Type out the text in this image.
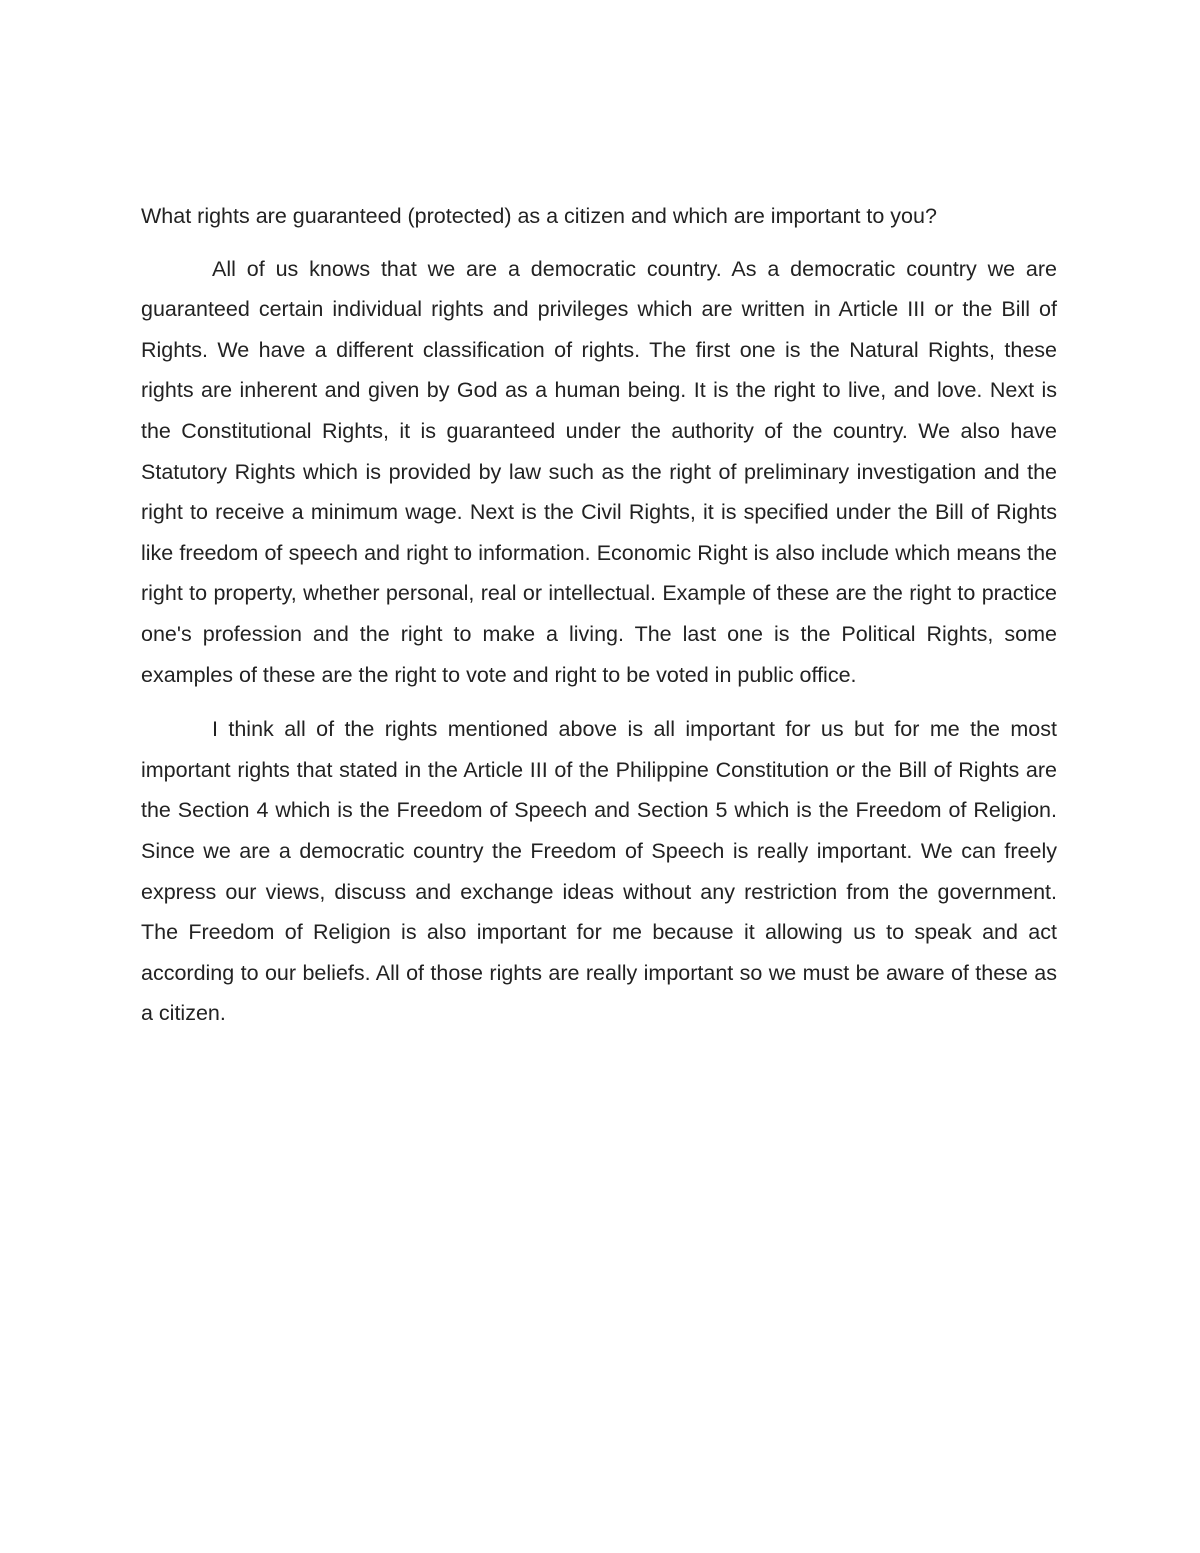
What rights are guaranteed (protected) as a citizen and which are important to you?

All of us knows that we are a democratic country. As a democratic country we are guaranteed certain individual rights and privileges which are written in Article III or the Bill of Rights. We have a different classification of rights. The first one is the Natural Rights, these rights are inherent and given by God as a human being. It is the right to live, and love. Next is the Constitutional Rights, it is guaranteed under the authority of the country. We also have Statutory Rights which is provided by law such as the right of preliminary investigation and the right to receive a minimum wage. Next is the Civil Rights, it is specified under the Bill of Rights like freedom of speech and right to information. Economic Right is also include which means the right to property, whether personal, real or intellectual. Example of these are the right to practice one's profession and the right to make a living. The last one is the Political Rights, some examples of these are the right to vote and right to be voted in public office.

I think all of the rights mentioned above is all important for us but for me the most important rights that stated in the Article III of the Philippine Constitution or the Bill of Rights are the Section 4 which is the Freedom of Speech and Section 5 which is the Freedom of Religion. Since we are a democratic country the Freedom of Speech is really important. We can freely express our views, discuss and exchange ideas without any restriction from the government. The Freedom of Religion is also important for me because it allowing us to speak and act according to our beliefs. All of those rights are really important so we must be aware of these as a citizen.
